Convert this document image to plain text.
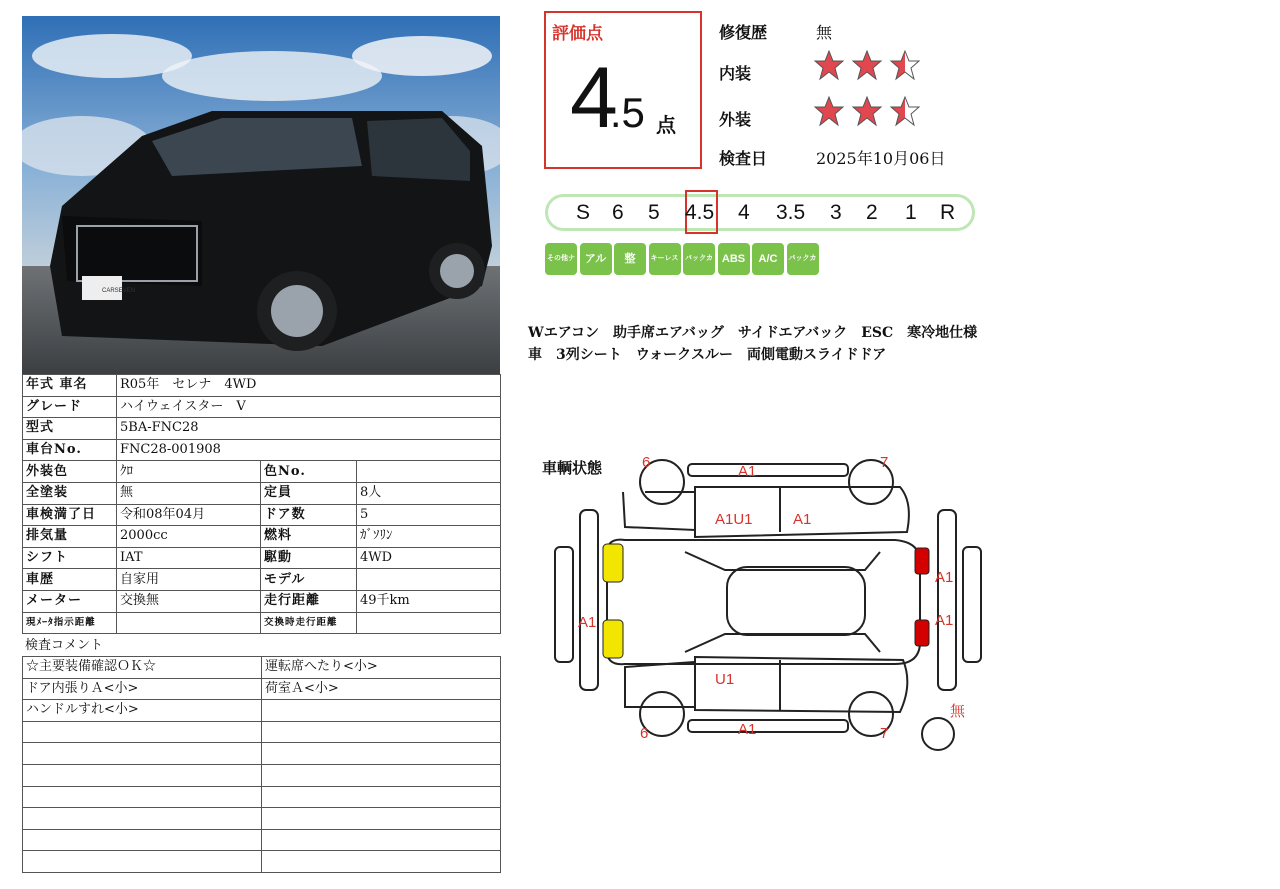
CARSEVEN
年式 車名	R05年　セレナ　4WD		
グレード	ハイウェイスター　V		
型式	5BA-FNC28		
車台No.	FNC28-001908		
外装色	ｸﾛ	色No.	
全塗装	無	定員	8人
車検満了日	令和08年04月	ドア数	5
排気量	2000cc	燃料	ｶﾞｿﾘﾝ
シフト	IAT	駆動	4WD
車歴	自家用	モデル	
メーター	交換無	走行距離	49千km
現ﾒｰﾀ指示距離		交換時走行距離	
検査コメント
☆主要装備確認ＯＫ☆	運転席へたり<小>
ドア内張りＡ<小>	荷室Ａ<小>
ハンドルすれ<小>	

評価点
4.5 点
修復歴	無
内装
外装
検査日	2025年10月06日
S 6 5 4.5 4 3.5 3 2 1 R
その他ナビ
アルミ
整	キーレス バックカメラ
ABS	A/C	パックカメラ
Wエアコン　助手席エアバッグ　サイドエアバック　ESC　寒冷地仕様車　3列シート　ウォークスルー　両側電動スライドドア
車輌状態	6
A1
7
A1U1	A1
A1
A1
A1
U1
6	A1	7
無
